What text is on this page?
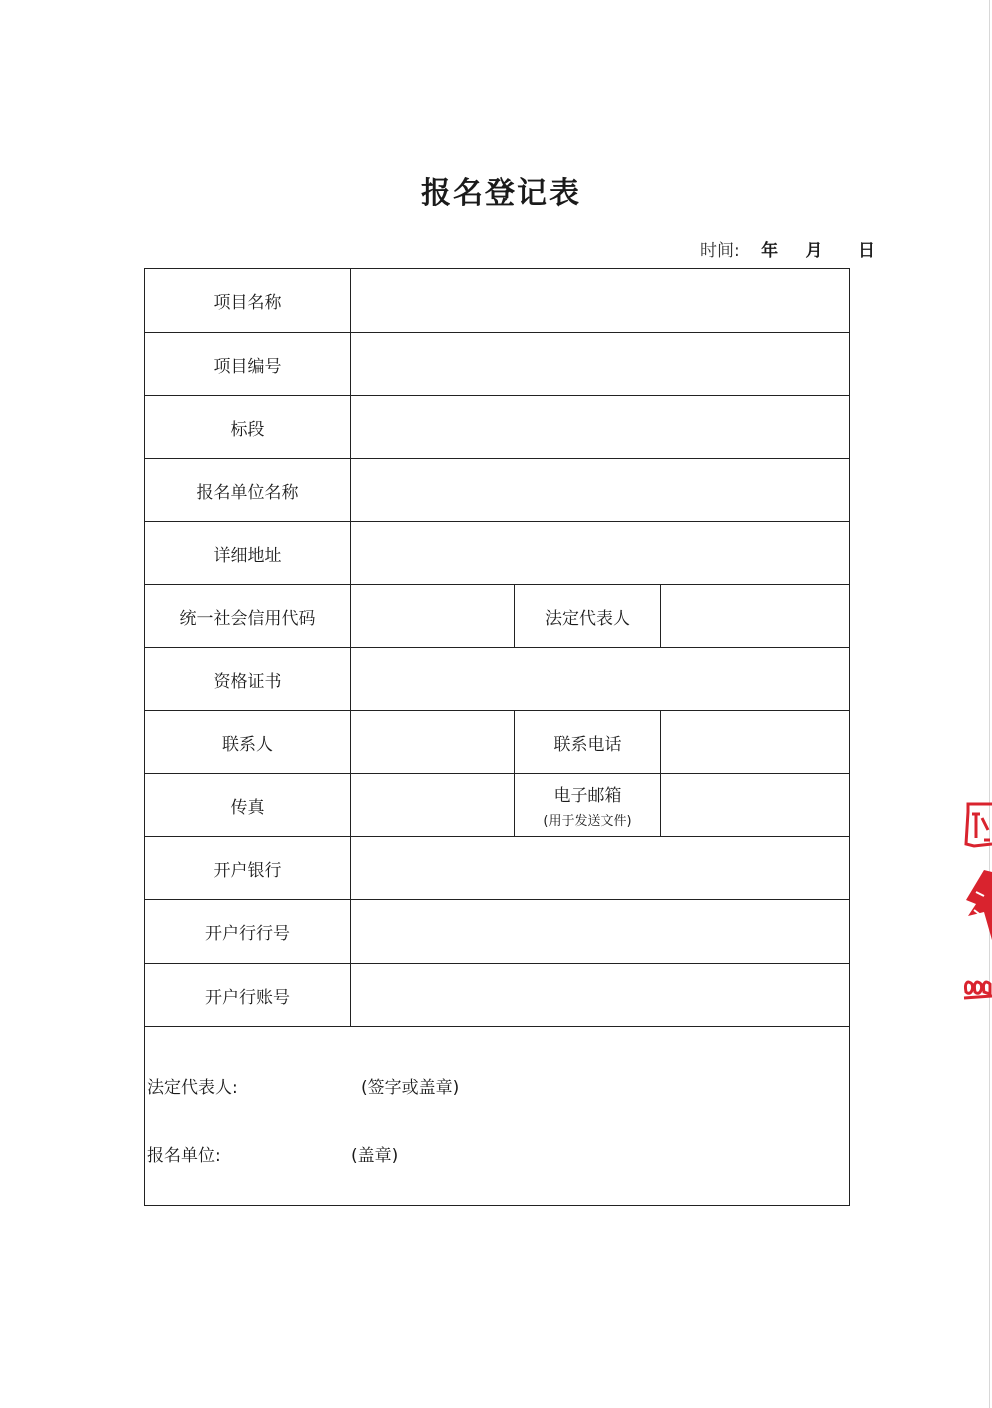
报名登记表
时间: 年 月 日
项目名称
项目编号
标段
报名单位名称
详细地址
统一社会信用代码	法定代表人
资格证书
联系人	联系电话
传真
电子邮箱
(用于发送文件)
开户银行
开户行行号
开户行账号
法定代表人:	(签字或盖章)
报名单位:	(盖章)
